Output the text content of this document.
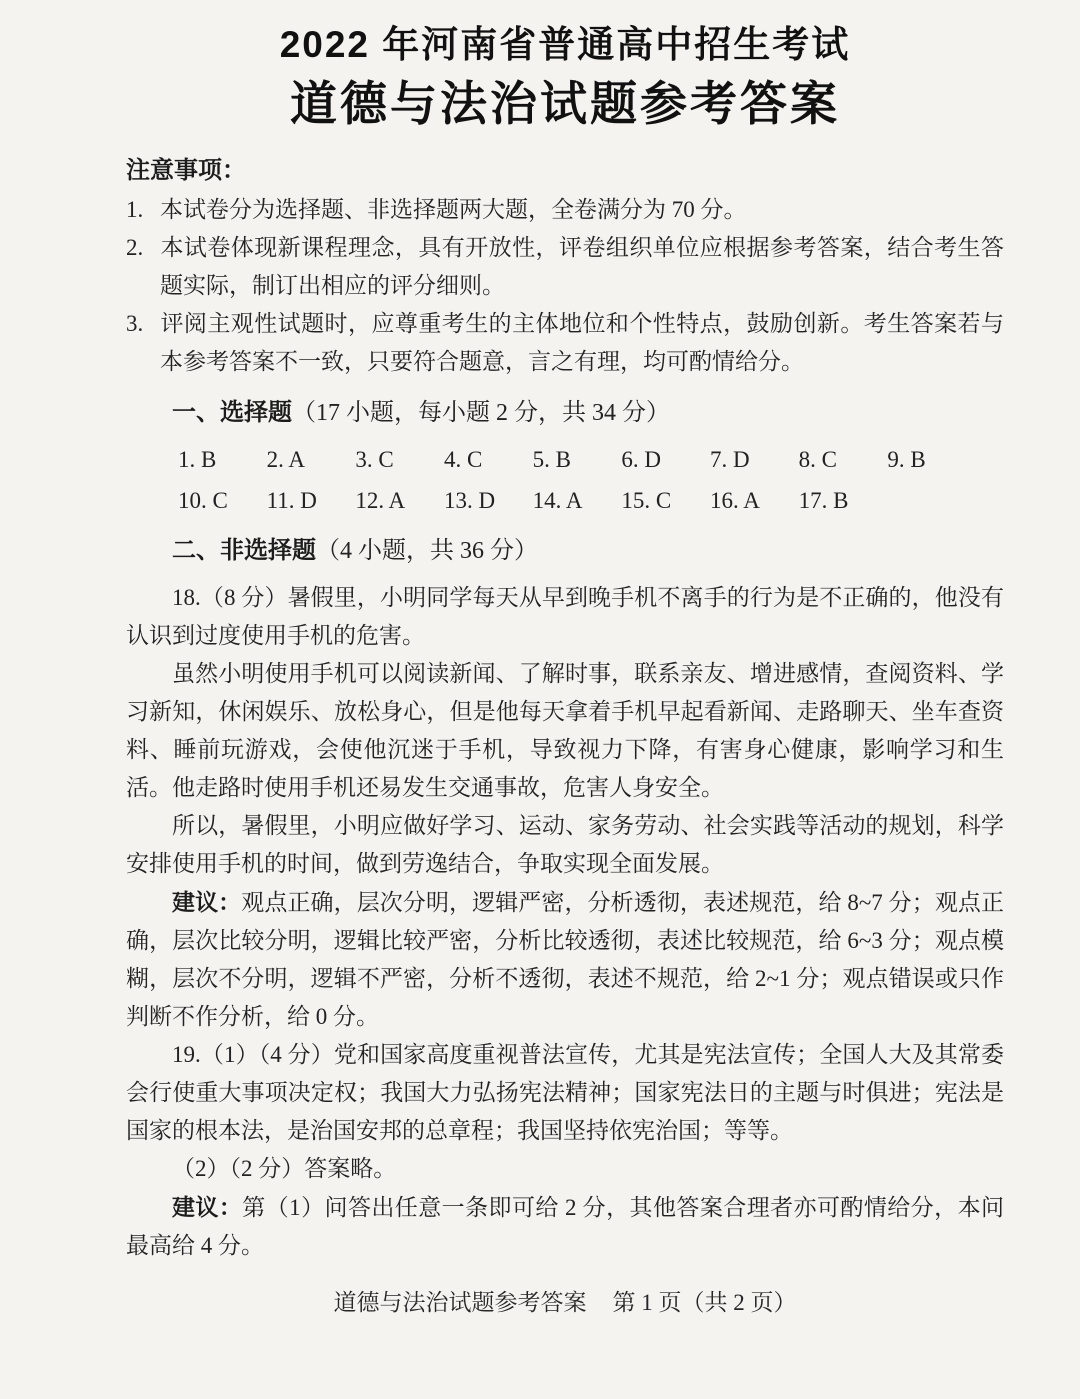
2022 年河南省普通高中招生考试
道德与法治试题参考答案
注意事项：
1. 本试卷分为选择题、非选择题两大题，全卷满分为 70 分。
2. 本试卷体现新课程理念，具有开放性，评卷组织单位应根据参考答案，结合考生答题实际，制订出相应的评分细则。
3. 评阅主观性试题时，应尊重考生的主体地位和个性特点，鼓励创新。考生答案若与本参考答案不一致，只要符合题意，言之有理，均可酌情给分。
一、选择题（17 小题，每小题 2 分，共 34 分）
1. B	2. A	3. C	4. C	5. B	6. D	7. D	8. C	9. B
10. C	11. D	12. A	13. D	14. A	15. C	16. A	17. B
二、非选择题（4 小题，共 36 分）

18.（8 分）暑假里，小明同学每天从早到晚手机不离手的行为是不正确的，他没有认识到过度使用手机的危害。

虽然小明使用手机可以阅读新闻、了解时事，联系亲友、增进感情，查阅资料、学习新知，休闲娱乐、放松身心，但是他每天拿着手机早起看新闻、走路聊天、坐车查资料、睡前玩游戏，会使他沉迷于手机，导致视力下降，有害身心健康，影响学习和生活。他走路时使用手机还易发生交通事故，危害人身安全。

所以，暑假里，小明应做好学习、运动、家务劳动、社会实践等活动的规划，科学安排使用手机的时间，做到劳逸结合，争取实现全面发展。

建议：观点正确，层次分明，逻辑严密，分析透彻，表述规范，给 8~7 分；观点正确，层次比较分明，逻辑比较严密，分析比较透彻，表述比较规范，给 6~3 分；观点模糊，层次不分明，逻辑不严密，分析不透彻，表述不规范，给 2~1 分；观点错误或只作判断不作分析，给 0 分。

19.（1）（4 分）党和国家高度重视普法宣传，尤其是宪法宣传；全国人大及其常委会行使重大事项决定权；我国大力弘扬宪法精神；国家宪法日的主题与时俱进；宪法是国家的根本法，是治国安邦的总章程；我国坚持依宪治国；等等。

（2）（2 分）答案略。

建议：第（1）问答出任意一条即可给 2 分，其他答案合理者亦可酌情给分，本问最高给 4 分。

道德与法治试题参考答案 第 1 页（共 2 页）
